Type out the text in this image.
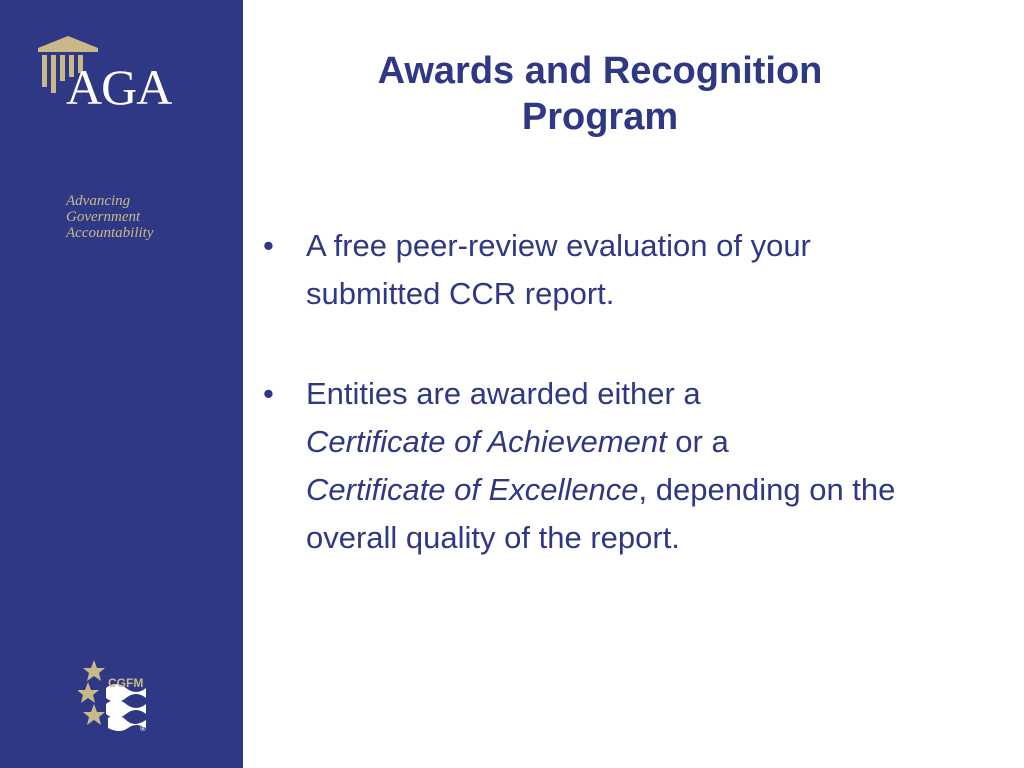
AGA
Advancing
Government
Accountability
CGFM
®
Awards and Recognition
Program
• A free peer-review evaluation of your submitted CCR report.
• Entities are awarded either a
Certificate of Achievement or a
Certificate of Excellence, depending on the overall quality of the report.
